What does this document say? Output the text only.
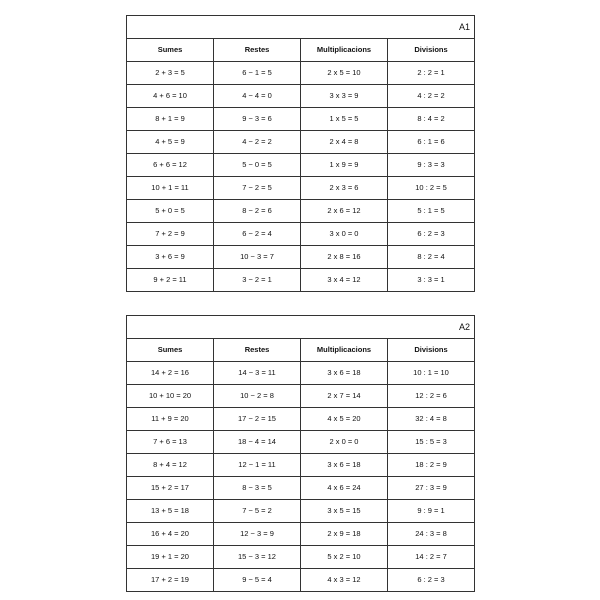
A1			
Sumes	Restes	Multiplicacions	Divisions
2 + 3 = 5	6 − 1 = 5	2 x 5 = 10	2 : 2 = 1
4 + 6 = 10	4 − 4 = 0	3 x 3 = 9	4 : 2 = 2
8 + 1 = 9	9 − 3 = 6	1 x 5 = 5	8 : 4 = 2
4 + 5 = 9	4 − 2 = 2	2 x 4 = 8	6 : 1 = 6
6 + 6 = 12	5 − 0 = 5	1 x 9 = 9	9 : 3 = 3
10 + 1 = 11	7 − 2 = 5	2 x 3 = 6	10 : 2 = 5
5 + 0 = 5	8 − 2 = 6	2 x 6 = 12	5 : 1 = 5
7 + 2 = 9	6 − 2 = 4	3 x 0 = 0	6 : 2 = 3
3 + 6 = 9	10 − 3 = 7	2 x 8 = 16	8 : 2 = 4
9 + 2 = 11	3 − 2 = 1	3 x 4 = 12	3 : 3 = 1
A2			
Sumes	Restes	Multiplicacions	Divisions
14 + 2 = 16	14 − 3 = 11	3 x 6 = 18	10 : 1 = 10
10 + 10 = 20	10 − 2 = 8	2 x 7 = 14	12 : 2 = 6
11 + 9 = 20	17 − 2 = 15	4 x 5 = 20	32 : 4 = 8
7 + 6 = 13	18 − 4 = 14	2 x 0 = 0	15 : 5 = 3
8 + 4 = 12	12 − 1 = 11	3 x 6 = 18	18 : 2 = 9
15 + 2 = 17	8 − 3 = 5	4 x 6 = 24	27 : 3 = 9
13 + 5 = 18	7 − 5 = 2	3 x 5 = 15	9 : 9 = 1
16 + 4 = 20	12 − 3 = 9	2 x 9 = 18	24 : 3 = 8
19 + 1 = 20	15 − 3 = 12	5 x 2 = 10	14 : 2 = 7
17 + 2 = 19	9 − 5 = 4	4 x 3 = 12	6 : 2 = 3
